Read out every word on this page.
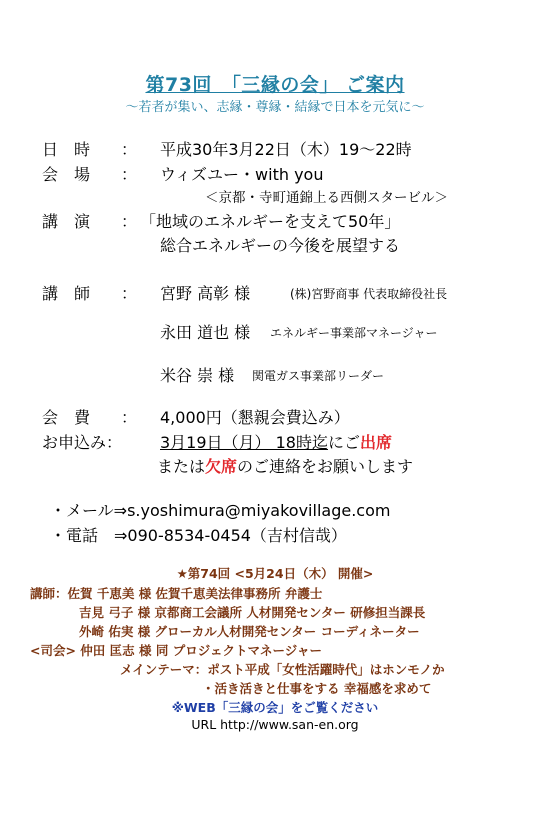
第73回　「三縁の会」 ご案内
～若者が集い、志縁・尊縁・結縁で日本を元気に～
日　時 ： 平成30年3月22日（木）19～22時
会　場 ： ウィズユー・with you
＜京都・寺町通錦上る西側スタービル＞
講　演 ： 「地域のエネルギーを支えて50年」
総合エネルギーの今後を展望する
講　師 ： 宮野 高彰 様	(株)宮野商事 代表取締役社長
永田 道也 様 エネルギー事業部マネージャー
米谷 崇 様 関電ガス事業部リーダー
会　費 ： 4,000円（懇親会費込み）
お申込み： 3月19日（月） 18時迄にご出席
または欠席のご連絡をお願いします
・メール⇒s.yoshimura@miyakovillage.com
・電話　⇒090-8534-0454（吉村信哉）
★第74回 <5月24日（木） 開催>
講師：佐賀 千恵美 様 佐賀千恵美法律事務所 弁護士
吉見 弓子 様 京都商工会議所 人材開発センター 研修担当課長
外崎 佑実 様 グローカル人材開発センター コーディネーター
<司会> 仲田 匡志 様 同 プロジェクトマネージャー
メインテーマ：ポスト平成「女性活躍時代」はホンモノか
・活き活きと仕事をする 幸福感を求めて
※WEB「三縁の会」をご覧ください
URL http://www.san-en.org
